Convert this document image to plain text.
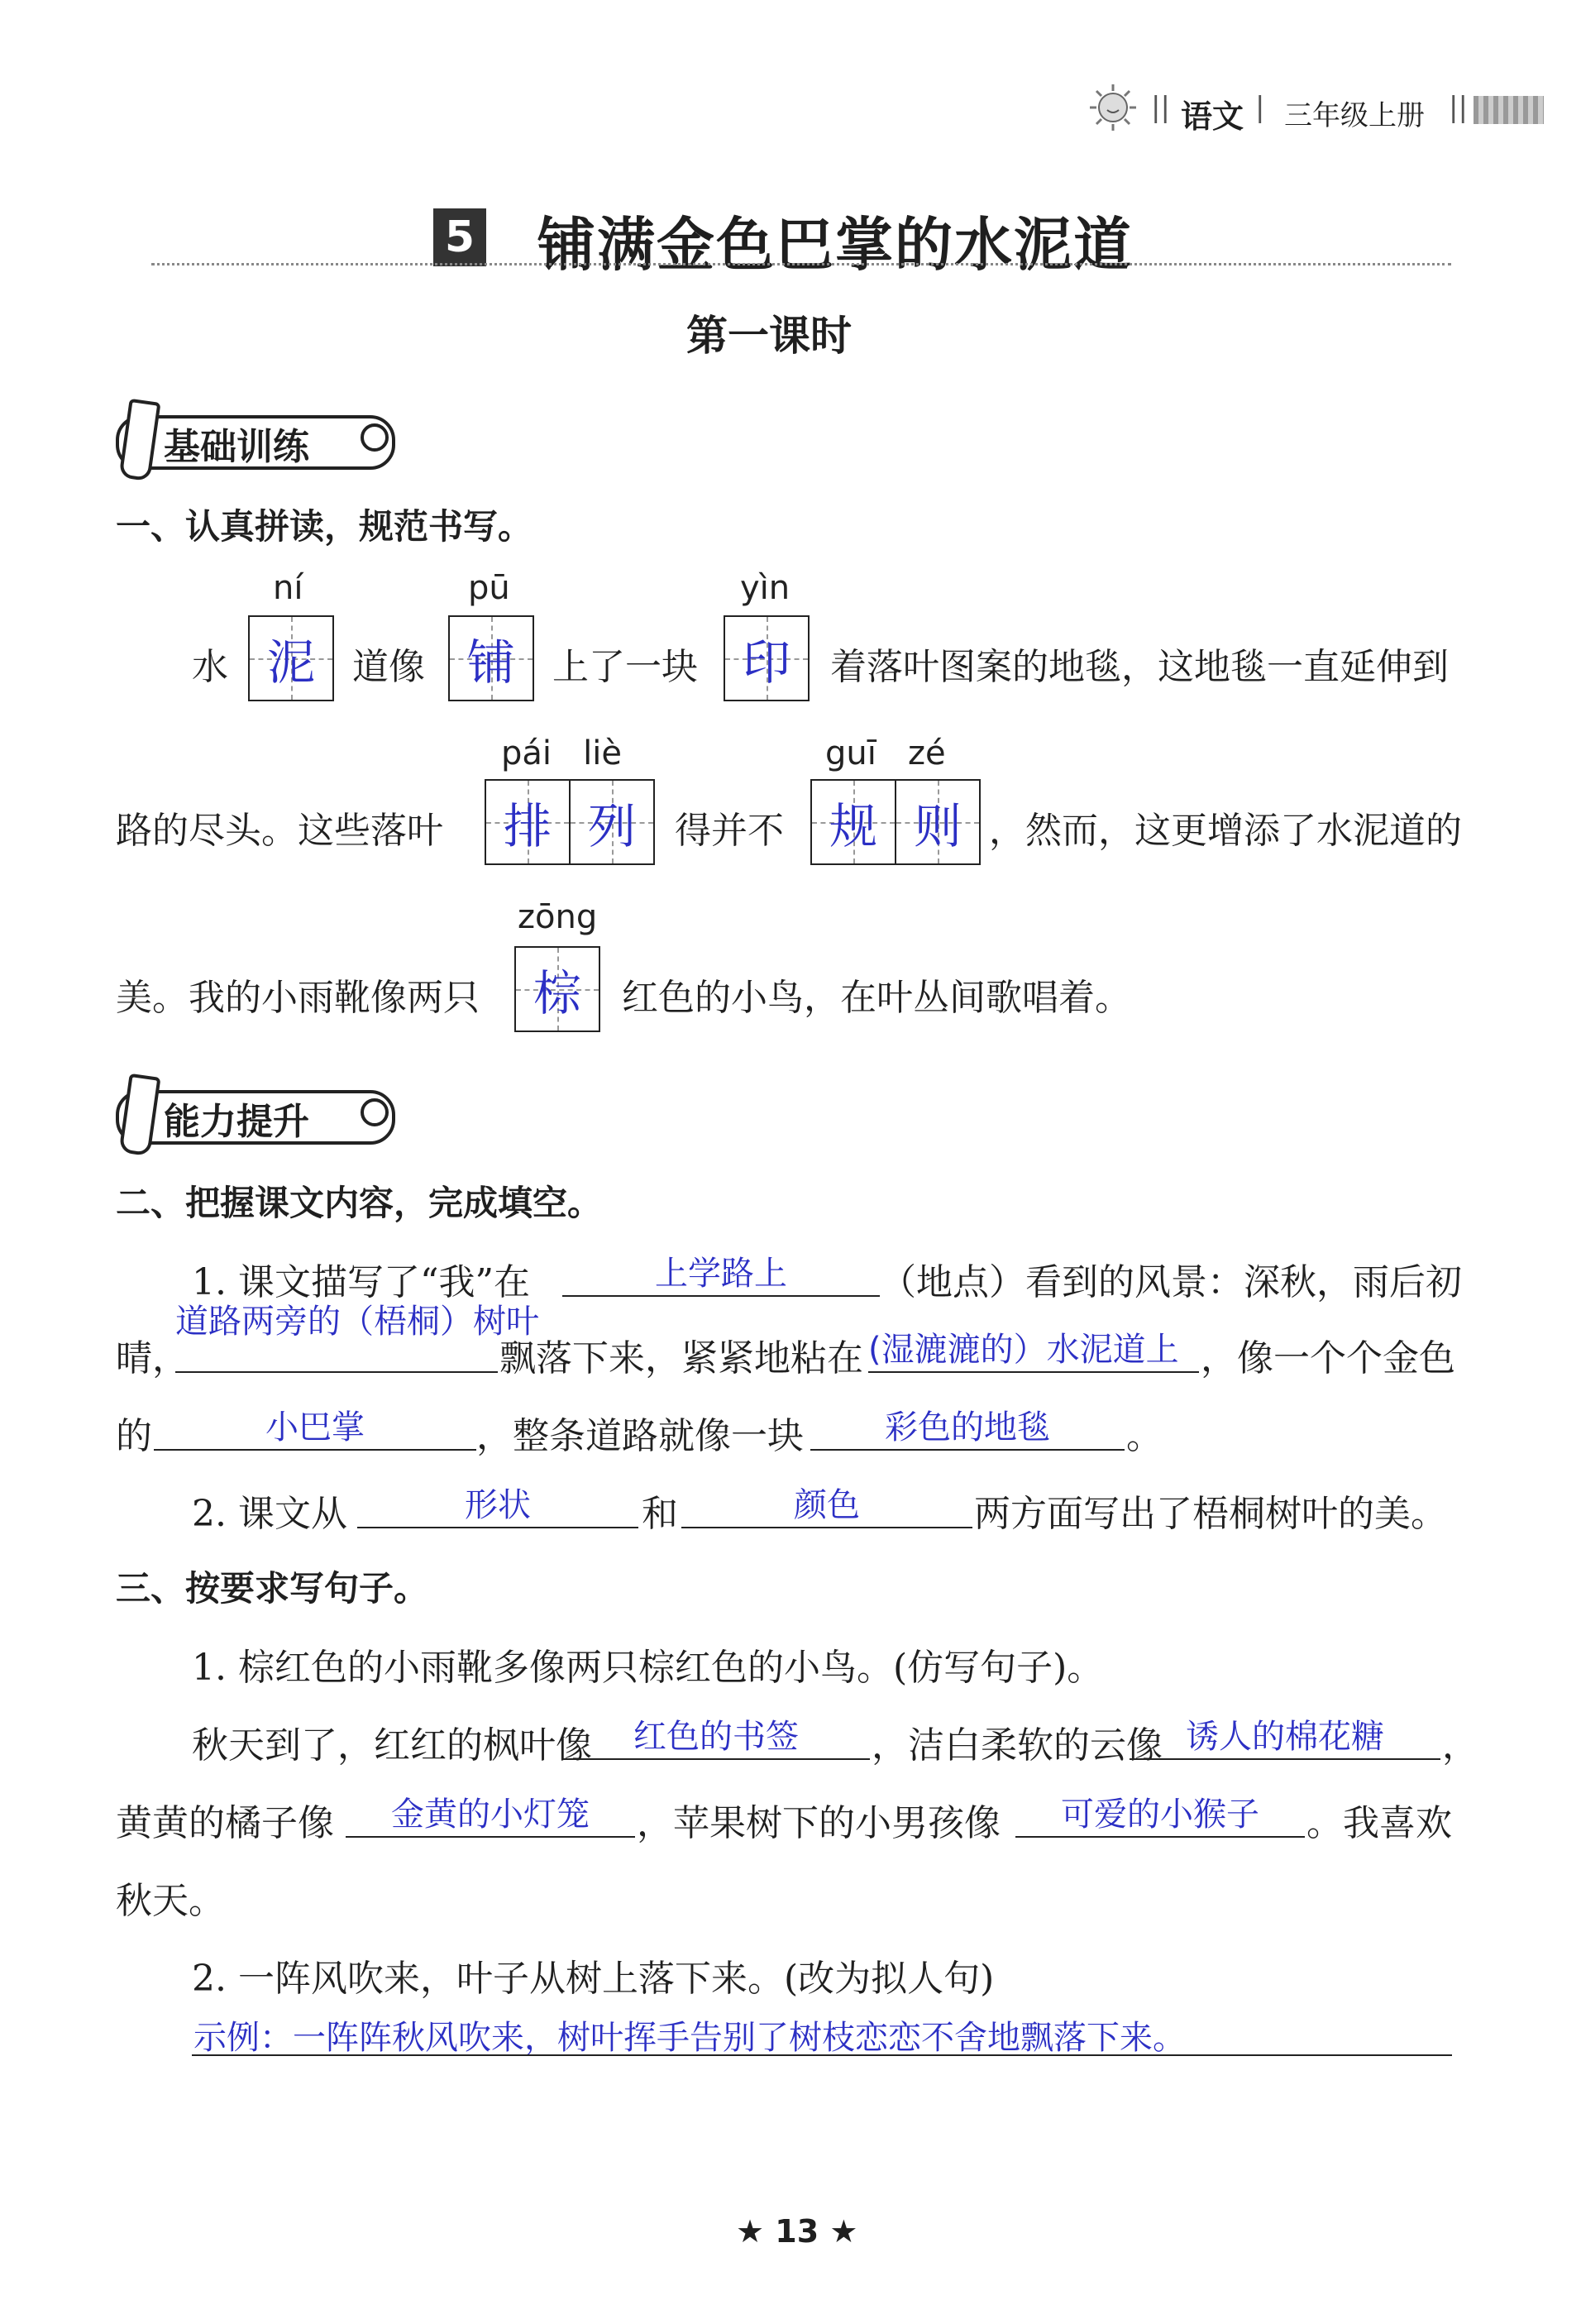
|| 语文 | 三年级上册 ||
5 铺满金色巴掌的水泥道
第一课时
基础训练
一、认真拼读，规范书写。
ní	pū	yìn
水 泥 道像 铺 上了一块 印 着落叶图案的地毯，这地毯一直延伸到
pái   liè	guī   zé
路的尽头。这些落叶 排 列 得并不 规 则 ，然而，这更增添了水泥道的
zōng
美。我的小雨靴像两只 棕 红色的小鸟，在叶丛间歌唱着。
能力提升
二、把握课文内容，完成填空。
1. 课文描写了“我”在	上学路上	（地点）看到的风景：深秋，雨后初
晴，
道路两旁的（梧桐）树叶
飘落下来，紧紧地粘在 (湿漉漉的）水泥道上 ，像一个个金色
的	小巴掌	，整条道路就像一块	彩色的地毯	。
2. 课文从	形状	和	颜色	两方面写出了梧桐树叶的美。
三、按要求写句子。
1. 棕红色的小雨靴多像两只棕红色的小鸟。(仿写句子)。
秋天到了，红红的枫叶像	红色的书签	，洁白柔软的云像 诱人的棉花糖	，
黄黄的橘子像	金黄的小灯笼	，苹果树下的小男孩像	可爱的小猴子	。我喜欢
秋天。
2. 一阵风吹来，叶子从树上落下来。(改为拟人句)
示例：一阵阵秋风吹来，树叶挥手告别了树枝恋恋不舍地飘落下来。
★ 13 ★
